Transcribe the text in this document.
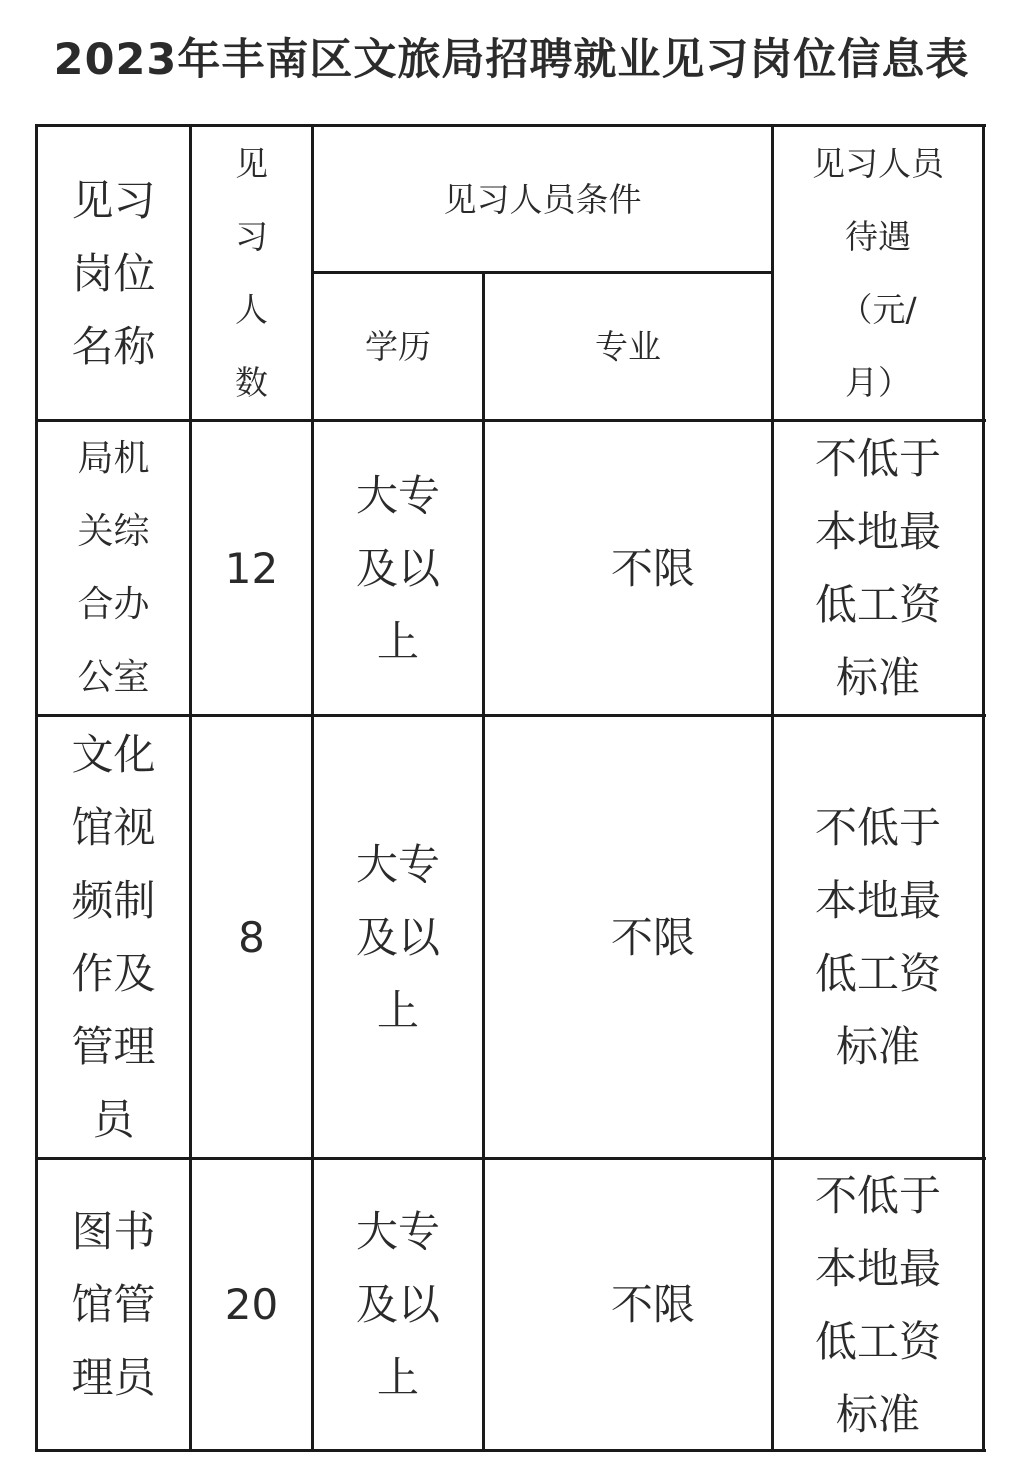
2023年丰南区文旅局招聘就业见习岗位信息表
见习
岗位
名称
见
习
人
数
见习人员条件
学历	专业
见习人员
待遇
（元/
月）
局机
关综
合办
公室
12
大专
及以
上
不限
不低于
本地最
低工资
标准
文化
馆视
频制
作及
管理
员
8
大专
及以
上
不限
不低于
本地最
低工资
标准
图书
馆管
理员
20
大专
及以
上
不限
不低于
本地最
低工资
标准
